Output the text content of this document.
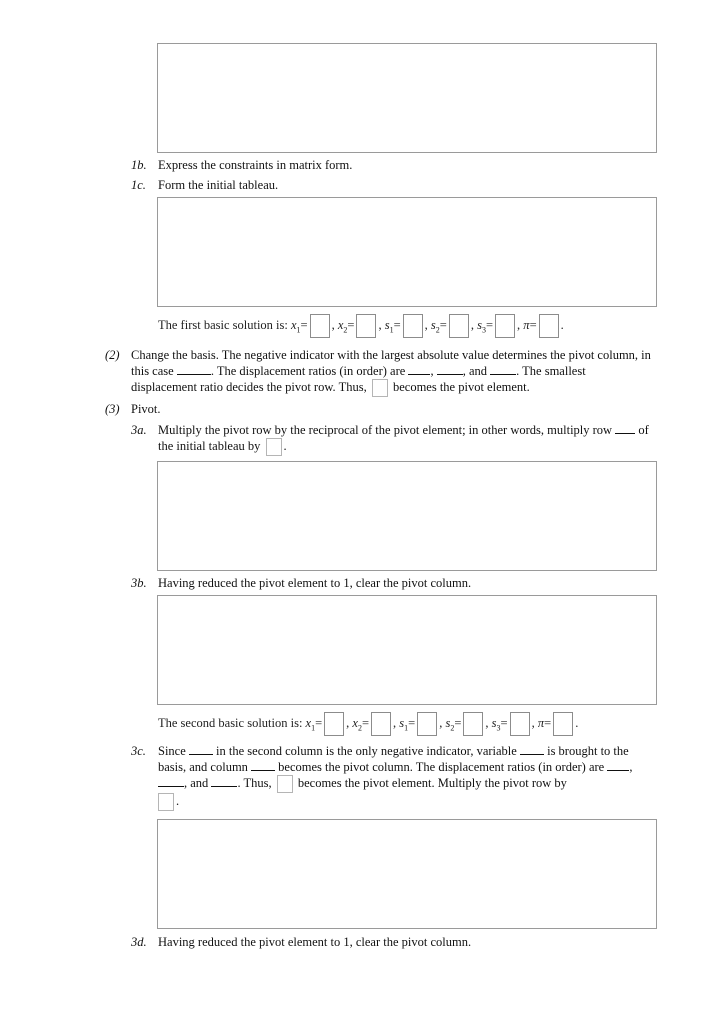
1b. Express the constraints in matrix form.
1c. Form the initial tableau.
The first basic solution is: $x_1=$ , $x_2=$ , $s_1=$ , $s_2=$ , $s_3=$ , π= .
(2) Change the basis. The negative indicator with the largest absolute value determines the pivot column, in this case	. The displacement ratios (in order) are , , and . The smallest displacement ratio decides the pivot row. Thus, becomes the pivot element.
(3) Pivot.
3a. Multiply the pivot row by the reciprocal of the pivot element; in other words, multiply row of the initial tableau by .
3b. Having reduced the pivot element to 1, clear the pivot column.
The second basic solution is: $x_1=$ , $x_2=$ , $s_1=$ , $s_2=$ , $s_3=$ , π= .
3c. Since in the second column is the only negative indicator, variable is brought to the basis, and column becomes the pivot column. The displacement ratios (in order) are , , and . Thus, becomes the pivot element. Multiply the pivot row by
.
3d. Having reduced the pivot element to 1, clear the pivot column.
